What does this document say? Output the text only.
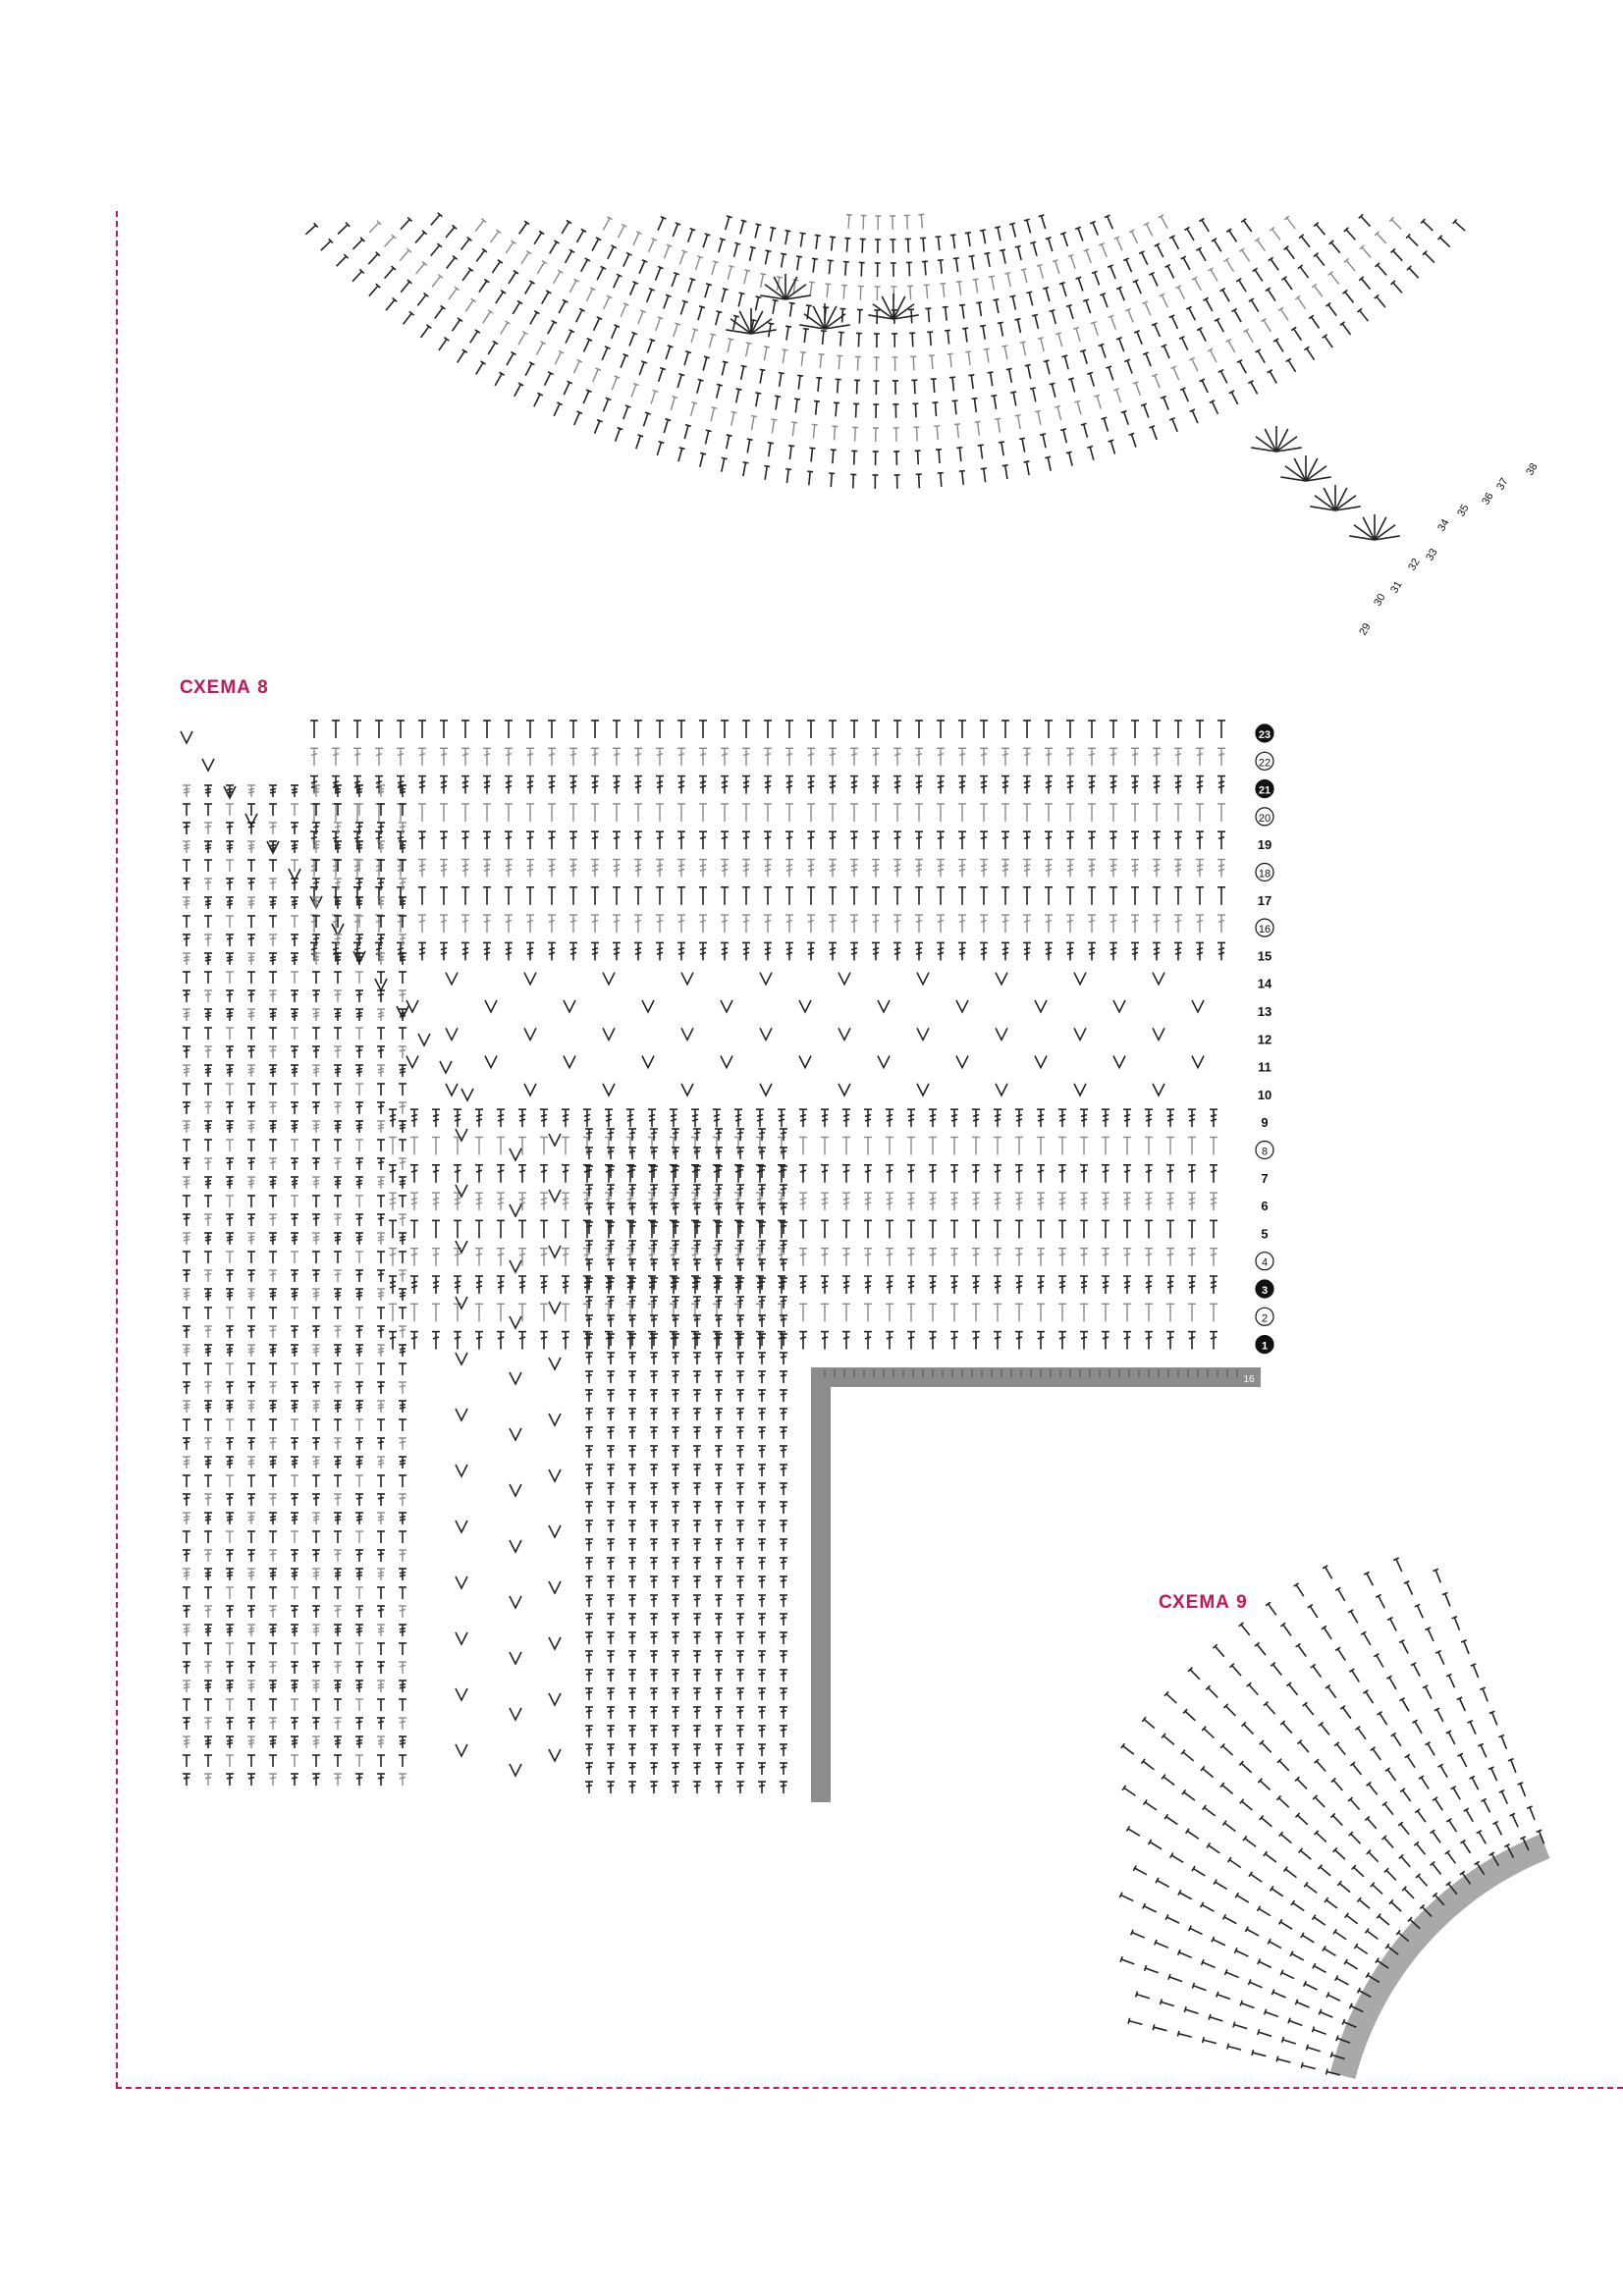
СХЕМА 8
СХЕМА 9
38
37
36
35
34
33
32
31
30
29
23
22
21
20
19
18
17
16
15
14
13
12
11
10
9
8
7
6
5
4
3
2
1
16
